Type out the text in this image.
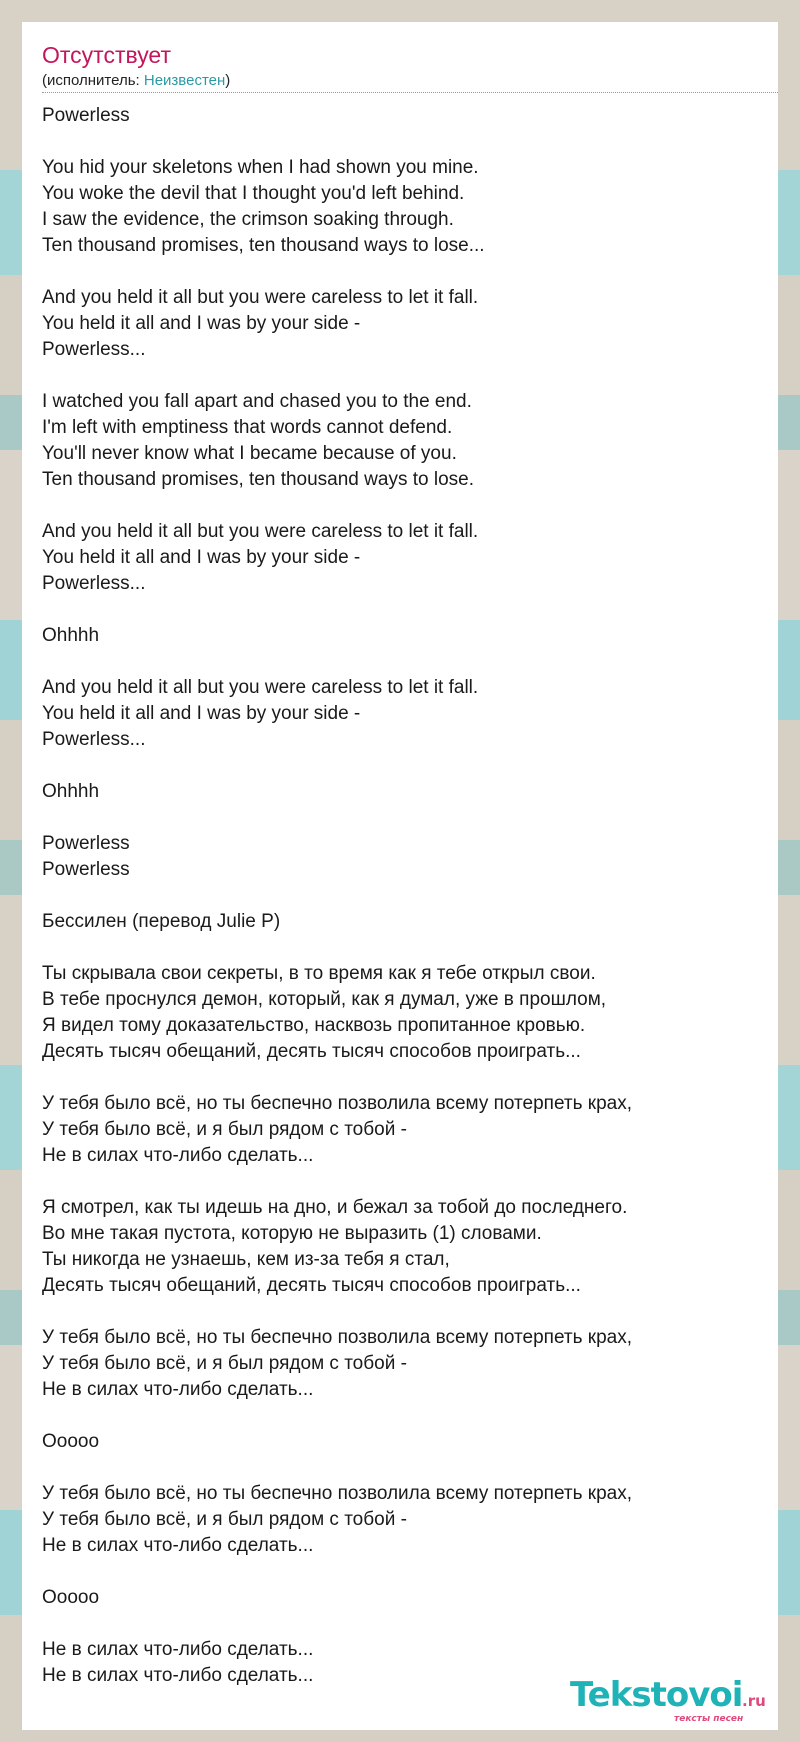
Отсутствует
(исполнитель: Неизвестен)
Powerless
You hid your skeletons when I had shown you mine.
You woke the devil that I thought you'd left behind.
I saw the evidence, the crimson soaking through.
Ten thousand promises, ten thousand ways to lose...
And you held it all but you were careless to let it fall.
You held it all and I was by your side -
Powerless...
I watched you fall apart and chased you to the end.
I'm left with emptiness that words cannot defend.
You'll never know what I became because of you.
Ten thousand promises, ten thousand ways to lose.
And you held it all but you were careless to let it fall.
You held it all and I was by your side -
Powerless...
Ohhhh
And you held it all but you were careless to let it fall.
You held it all and I was by your side -
Powerless...
Ohhhh
Powerless
Powerless
Бессилен (перевод Julie P)
Ты скрывала свои секреты, в то время как я тебе открыл свои.
В тебе проснулся демон, который, как я думал, уже в прошлом,
Я видел тому доказательство, насквозь пропитанное кровью.
Десять тысяч обещаний, десять тысяч способов проиграть...
У тебя было всё, но ты беспечно позволила всему потерпеть крах,
У тебя было всё, и я был рядом с тобой -
Не в силах что-либо сделать...
Я смотрел, как ты идешь на дно, и бежал за тобой до последнего.
Во мне такая пустота, которую не выразить (1) словами.
Ты никогда не узнаешь, кем из-за тебя я стал,
Десять тысяч обещаний, десять тысяч способов проиграть...
У тебя было всё, но ты беспечно позволила всему потерпеть крах,
У тебя было всё, и я был рядом с тобой -
Не в силах что-либо сделать...
Ооооо
У тебя было всё, но ты беспечно позволила всему потерпеть крах,
У тебя было всё, и я был рядом с тобой -
Не в силах что-либо сделать...
Ооооо
Не в силах что-либо сделать...
Не в силах что-либо сделать...	Tekstovoi .ru
тексты песен
